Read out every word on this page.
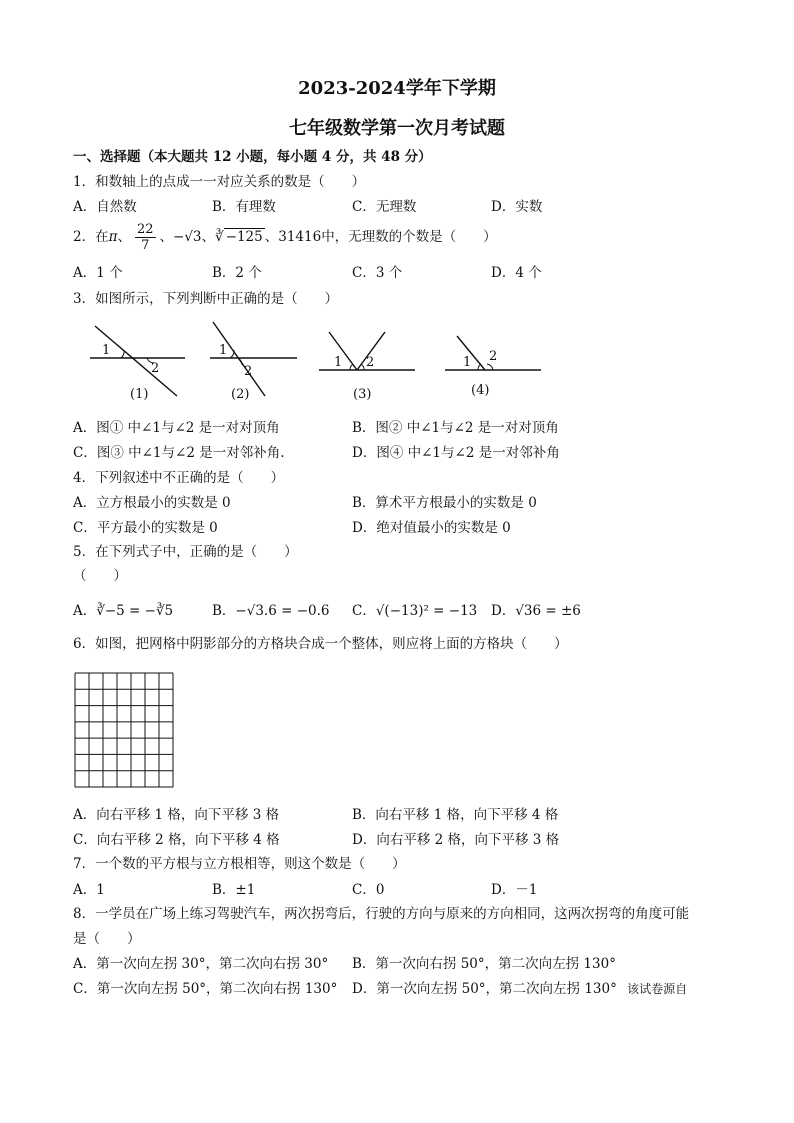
2023-2024学年下学期
七年级数学第一次月考试题
一、选择题（本大题共 12 小题，每小题 4 分，共 48 分）
1．和数轴上的点成一一对应关系的数是（　　）
A．自然数	B．有理数	C．无理数	D．实数
2．在π、 $\frac{22}{7}$ 、−√3、∛ −125 、31416中，无理数的个数是（　　）
A．1 个	B．2 个	C．3 个	D．4 个
3．如图所示，下列判断中正确的是（　　）
1
2
(1)
1
2
(2)
1 2
(3)
1 2
(4)
A．图① 中∠1与∠2 是一对对顶角	B．图② 中∠1与∠2 是一对对顶角
C．图③ 中∠1与∠2 是一对邻补角.	D．图④ 中∠1与∠2 是一对邻补角
4．下列叙述中不正确的是（　　）
A．立方根最小的实数是 0	B．算术平方根最小的实数是 0
C．平方最小的实数是 0	D．绝对值最小的实数是 0
5．在下列式子中，正确的是（　　）
（　　）
A．∛−5 = −∛5	B．−√3.6 = −0.6 C．√(−13)² = −13 D．√36 = ±6
6．如图，把网格中阴影部分的方格块合成一个整体，则应将上面的方格块（　　）
A．向右平移 1 格，向下平移 3 格	B．向右平移 1 格，向下平移 4 格
C．向右平移 2 格，向下平移 4 格	D．向右平移 2 格，向下平移 3 格
7．一个数的平方根与立方根相等，则这个数是（　　）
A．1	B．±1	C．0	D．－1
8．一学员在广场上练习驾驶汽车，两次拐弯后，行驶的方向与原来的方向相同，这两次拐弯的角度可能
是（　　）
A．第一次向左拐 30°，第二次向右拐 30° B．第一次向右拐 50°，第二次向左拐 130°
C．第一次向左拐 50°，第二次向右拐 130° D．第一次向左拐 50°，第二次向左拐 130° 该试卷源自
